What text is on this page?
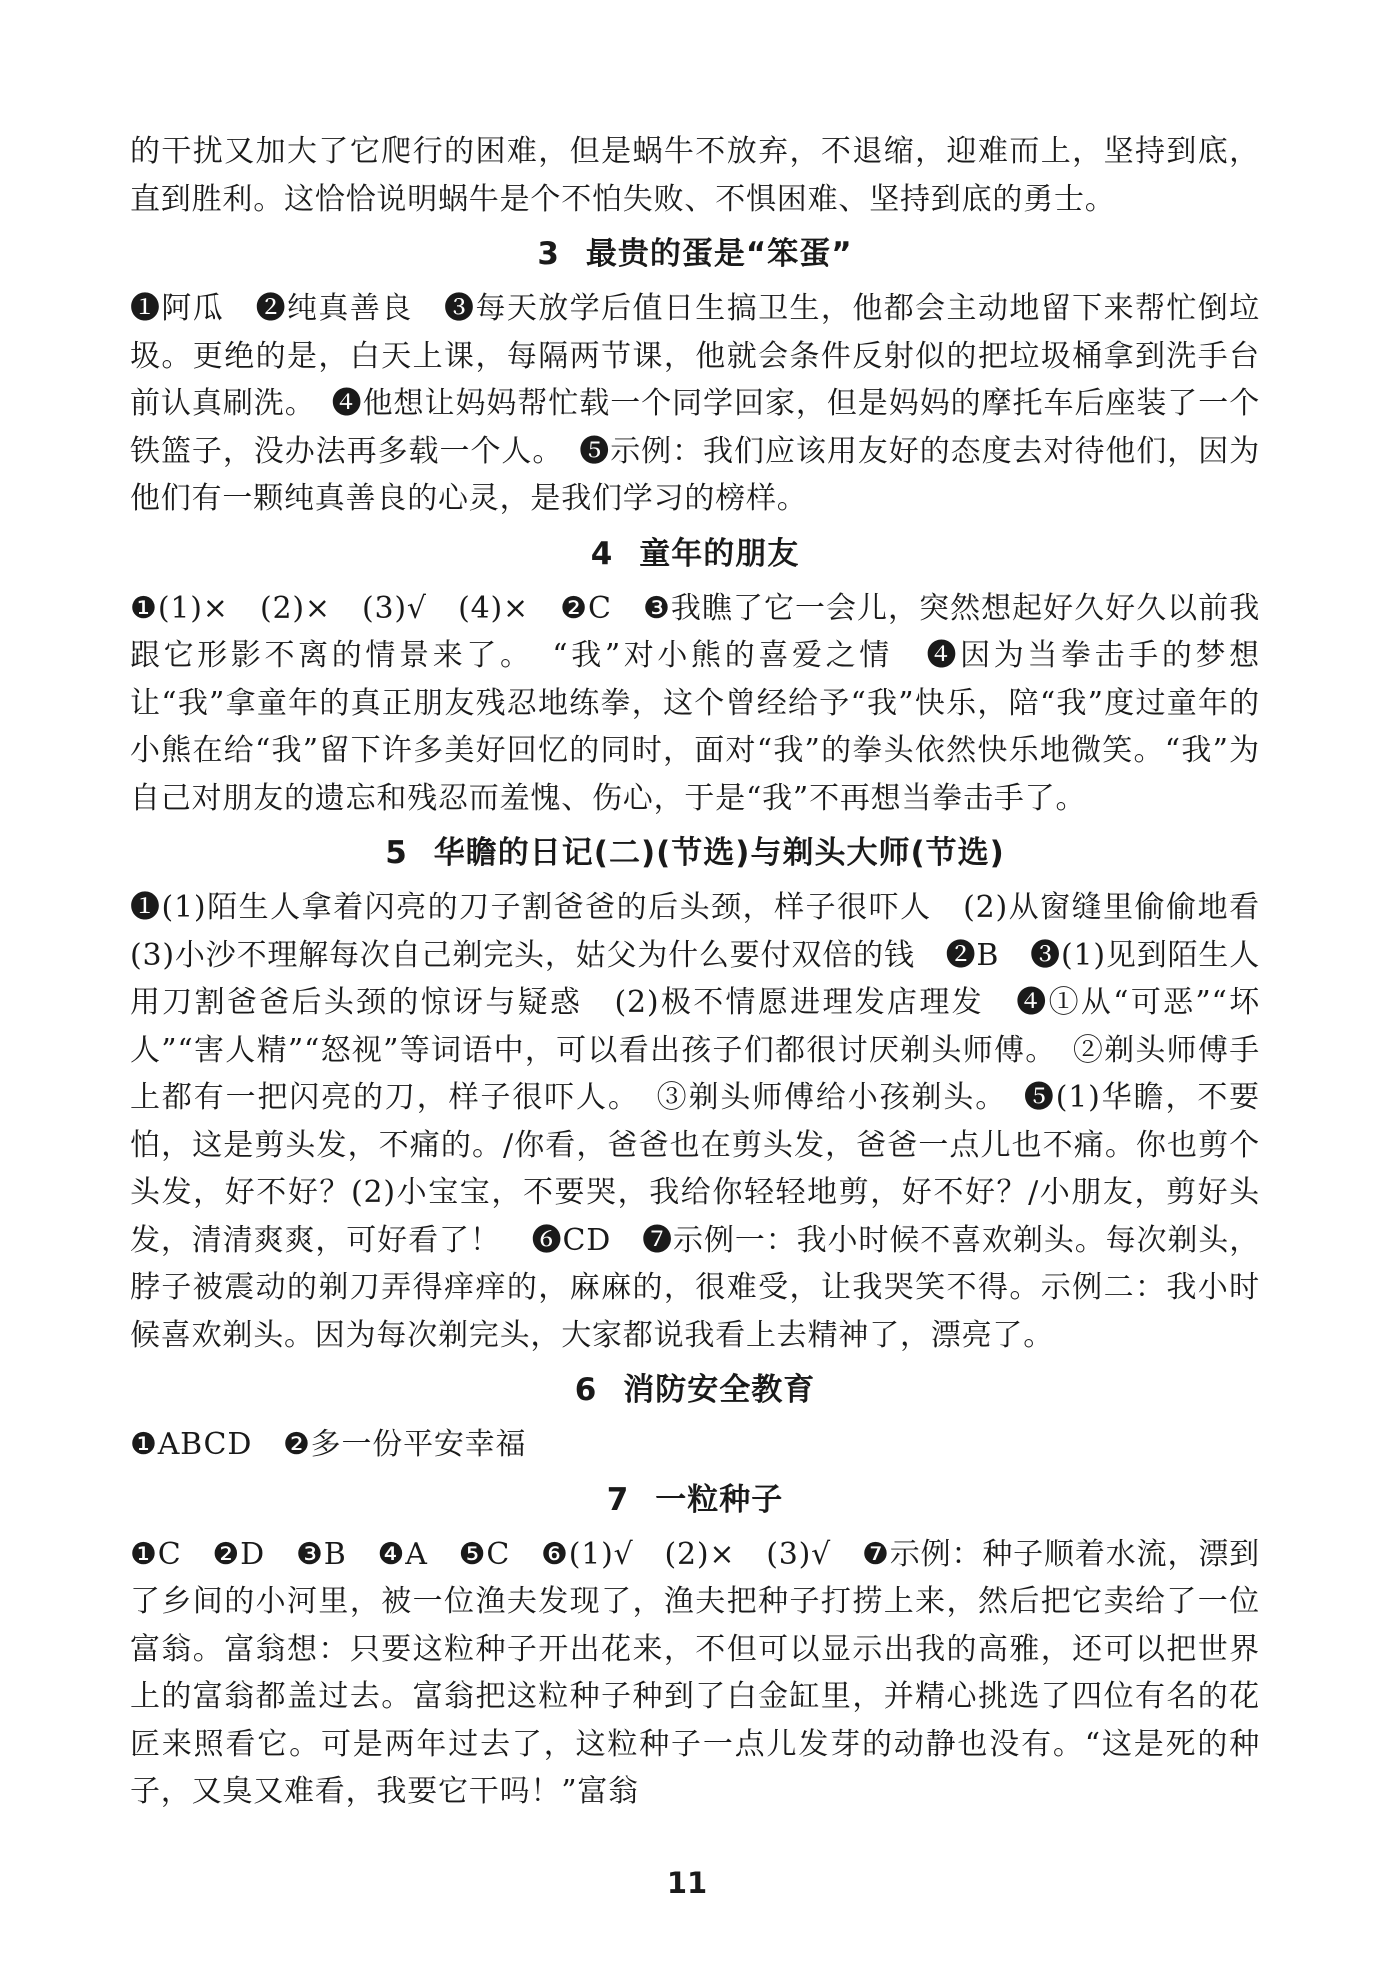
的干扰又加大了它爬行的困难，但是蜗牛不放弃，不退缩，迎难而上，坚持到底，直到胜利。这恰恰说明蜗牛是个不怕失败、不惧困难、坚持到底的勇士。

3 最贵的蛋是“笨蛋”

❶阿瓜　❷纯真善良　❸每天放学后值日生搞卫生，他都会主动地留下来帮忙倒垃圾。更绝的是，白天上课，每隔两节课，他就会条件反射似的把垃圾桶拿到洗手台前认真刷洗。　❹他想让妈妈帮忙载一个同学回家，但是妈妈的摩托车后座装了一个铁篮子，没办法再多载一个人。　❺示例：我们应该用友好的态度去对待他们，因为他们有一颗纯真善良的心灵，是我们学习的榜样。

4 童年的朋友

❶(1)×　(2)×　(3)√　(4)×　❷C　❸我瞧了它一会儿，突然想起好久好久以前我跟它形影不离的情景来了。　“我”对小熊的喜爱之情　❹因为当拳击手的梦想让“我”拿童年的真正朋友残忍地练拳，这个曾经给予“我”快乐，陪“我”度过童年的小熊在给“我”留下许多美好回忆的同时，面对“我”的拳头依然快乐地微笑。“我”为自己对朋友的遗忘和残忍而羞愧、伤心，于是“我”不再想当拳击手了。

5 华瞻的日记(二)(节选)与剃头大师(节选)

❶(1)陌生人拿着闪亮的刀子割爸爸的后头颈，样子很吓人　(2)从窗缝里偷偷地看　(3)小沙不理解每次自己剃完头，姑父为什么要付双倍的钱　❷B　❸(1)见到陌生人用刀割爸爸后头颈的惊讶与疑惑　(2)极不情愿进理发店理发　❹①从“可恶”“坏人”“害人精”“怒视”等词语中，可以看出孩子们都很讨厌剃头师傅。　②剃头师傅手上都有一把闪亮的刀，样子很吓人。　③剃头师傅给小孩剃头。　❺(1)华瞻，不要怕，这是剪头发，不痛的。/你看，爸爸也在剪头发，爸爸一点儿也不痛。你也剪个头发，好不好？(2)小宝宝，不要哭，我给你轻轻地剪，好不好？/小朋友，剪好头发，清清爽爽，可好看了！　❻CD　❼示例一：我小时候不喜欢剃头。每次剃头，脖子被震动的剃刀弄得痒痒的，麻麻的，很难受，让我哭笑不得。示例二：我小时候喜欢剃头。因为每次剃完头，大家都说我看上去精神了，漂亮了。

6 消防安全教育

❶ABCD　❷多一份平安幸福

7 一粒种子

❶C　❷D　❸B　❹A　❺C　❻(1)√　(2)×　(3)√　❼示例：种子顺着水流，漂到了乡间的小河里，被一位渔夫发现了，渔夫把种子打捞上来，然后把它卖给了一位富翁。富翁想：只要这粒种子开出花来，不但可以显示出我的高雅，还可以把世界上的富翁都盖过去。富翁把这粒种子种到了白金缸里，并精心挑选了四位有名的花匠来照看它。可是两年过去了，这粒种子一点儿发芽的动静也没有。“这是死的种子，又臭又难看，我要它干吗！”富翁

11
